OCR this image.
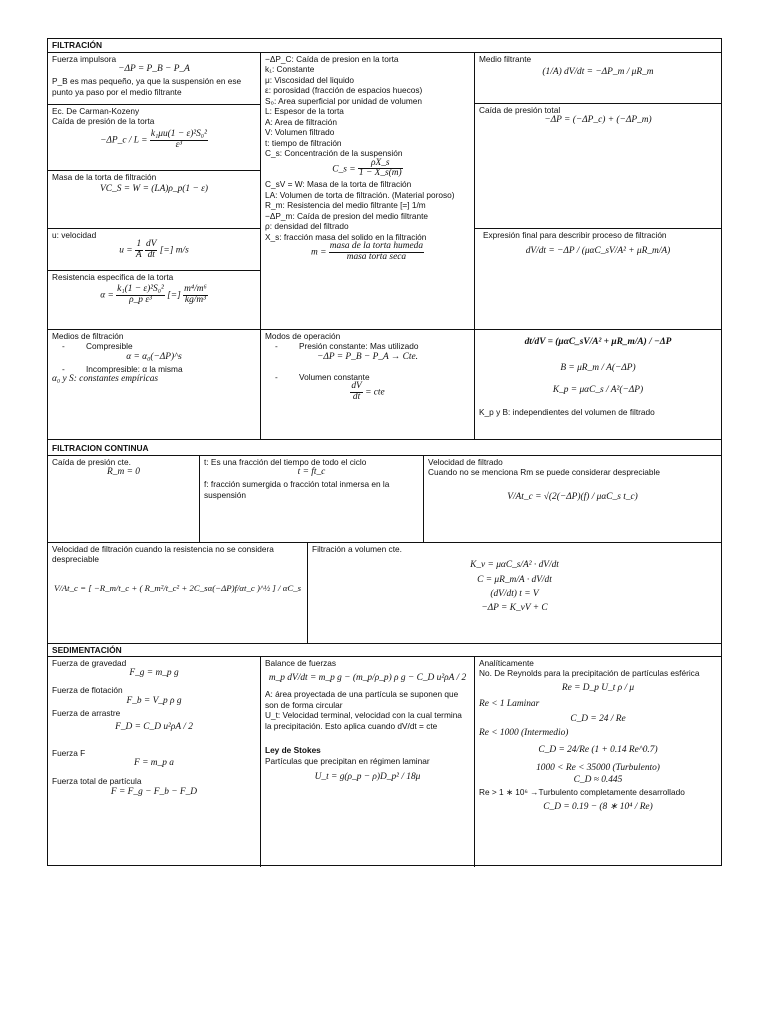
FILTRACIÓN
Fuerza impulsora
−ΔP = P_B − P_A
P_B es mas pequeño, ya que la suspensión en ese punto ya paso por el medio filtrante
Ec. De Carman-Kozeny
Caída de presión de la torta
−ΔP_c / $L = \frac{\text{k₁μu(1 − ε)²S₀²}}{\text{ε³}}$
Masa de la torta de filtración
VC_S = W = (LA)ρ_p(1 − ε)
u: velocidad
$u = \frac{1}{A}$
$\frac{dV}{dt}$ [=] m/s
Resistencia especifica de la torta
$\alpha = \frac{\text{k₁(1 − ε)²S₀²}}{\text{ρ\_p ε³}}$ [=] $\frac{\text{m⁴/m⁶}}{\text{kg/m³}}$
Medios de filtración
-	Compresible
α = α₀(−ΔP)^s
-	Incompresible: α la misma
α₀ y S: constantes empíricas
−ΔP_C: Caída de presion en la torta
k₁: Constante
μ: Viscosidad del liquido
ε: porosidad (fracción de espacios huecos)
S₀: Area superficial por unidad de volumen
L: Espesor de la torta
A: Area de filtración
V: Volumen filtrado
t: tiempo de filtración
C_s: Concentración de la suspensión
C_s = $\frac{\rho X\_s}{1 - X\_s(m)}$
C_sV = W: Masa de la torta de filtración
LA: Volumen de torta de filtración. (Material poroso)
R_m: Resistencia del medio filtrante [=] 1/m
−ΔP_m: Caída de presion del medio filtrante
ρ: densidad del filtrado
X_s: fracción masa del solido en la filtración
$m = \frac{\text{masa de la torta humeda}}{\text{masa torta seca}}$
Modos de operación
-	Presión constante: Mas utilizado
−ΔP = P_B − P_A → Cte.
-	Volumen constante
$\frac{dV}{dt}$ = cte
Medio filtrante
(1/A) dV/dt = −ΔP_m / μR_m
Caída de presión total
−ΔP = (−ΔP_c) + (−ΔP_m)
Expresión final para describir proceso de filtración
dV/dt = −ΔP / (μαC_sV/A² + μR_m/A)
dt/dV = (μαC_sV/A² + μR_m/A) / −ΔP
B = μR_m / A(−ΔP)
K_p = μαC_s / A²(−ΔP)
K_p y B: independientes del volumen de filtrado
FILTRACION CONTINUA
Caída de presión cte.
R_m = 0
t: Es una fracción del tiempo de todo el ciclo
t = ft_c
f: fracción sumergida o fracción total inmersa en la suspensión
Velocidad de filtrado
Cuando no se menciona Rm se puede considerar despreciable
V/At_c = √(2(−ΔP)(f) / μαC_s t_c)
Velocidad de filtración cuando la resistencia no se considera despreciable
V/At_c = [ −R_m/t_c + ( R_m²/t_c² + 2C_sα(−ΔP)f/αt_c )^½ ] / αC_s
Filtración a volumen cte.
K_v = μαC_s/A² · dV/dt
C = μR_m/A · dV/dt
(dV/dt) t = V
−ΔP = K_vV + C
SEDIMENTACIÓN
Fuerza de gravedad
F_g = m_p g
Fuerza de flotación
F_b = V_p ρ g
Fuerza de arrastre
F_D = C_D u²ρA / 2
Fuerza F
F = m_p a
Fuerza total de partícula
F = F_g − F_b − F_D
Balance de fuerzas
m_p dV/dt = m_p g − (m_p/ρ_p) ρ g − C_D u²ρA / 2
A: área proyectada de una partícula se suponen que son de forma circular
U_t: Velocidad terminal, velocidad con la cual termina la precipitación. Esto aplica cuando dV/dt = cte
Ley de Stokes
Partículas que precipitan en régimen laminar
U_t = g(ρ_p − ρ)D_p² / 18μ
Analíticamente
No. De Reynolds para la precipitación de partículas esférica
Re = D_p U_t ρ / μ
Re < 1 Laminar
C_D = 24 / Re
Re < 1000 (Intermedio)
C_D = 24/Re (1 + 0.14 Re^0.7)
1000 < Re < 35000 (Turbulento)
C_D ≈ 0.445
Re > 1 ∗ 10⁶ →Turbulento completamente desarrollado
C_D = 0.19 − (8 ∗ 10⁴ / Re)
